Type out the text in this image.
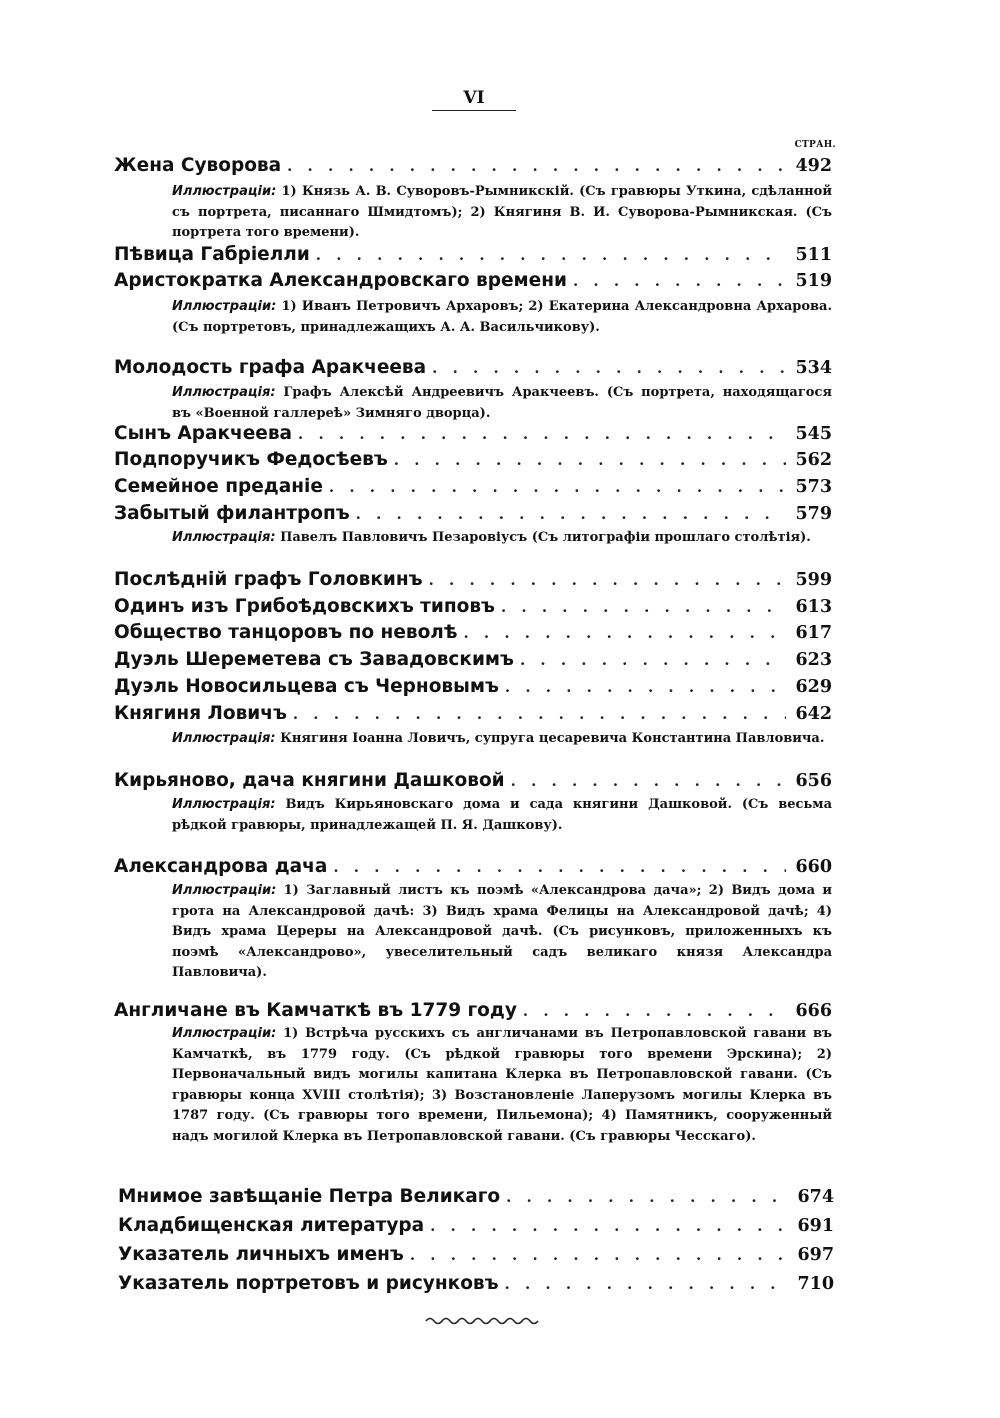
VI
СТРАН.
Жена Суворова . . .	492
Иллюстраціи: 1) Князь А. В. Суворовъ-Рымникскій. (Съ гравюры Уткина, сдѣланной съ портрета, писаннаго Шмидтомъ); 2) Княгиня В. И. Суворова-Рымникская. (Съ портрета того времени).
Пѣвица Габріелли . . .	511
Аристократка Александровскаго времени . . .	519
Иллюстраціи: 1) Иванъ Петровичъ Архаровъ; 2) Екатерина Александровна Архарова. (Съ портретовъ, принадлежащихъ А. А. Васильчикову).
Молодость графа Аракчеева . . .	534
Иллюстрація: Графъ Алексѣй Андреевичъ Аракчеевъ. (Съ портрета, находящагося въ «Военной галлереѣ» Зимняго дворца).
Сынъ Аракчеева . . .	545
Подпоручикъ Федосѣевъ . . .	562
Семейное преданіе . . .	573
Забытый филантропъ . . .	579
Иллюстрація: Павелъ Павловичъ Пезаровіусъ (Съ литографіи прошлаго столѣтія).
Послѣдній графъ Головкинъ . . .	599
Одинъ изъ Грибоѣдовскихъ типовъ . . .	613
Общество танцоровъ по неволѣ . . .	617
Дуэль Шереметева съ Завадовскимъ . . .	623
Дуэль Новосильцева съ Черновымъ . . .	629
Княгиня Ловичъ . . .	642
Иллюстрація: Княгиня Іоанна Ловичъ, супруга цесаревича Константина Павловича.
Кирьяново, дача княгини Дашковой . . .	656
Иллюстрація: Видъ Кирьяновскаго дома и сада княгини Дашковой. (Съ весьма рѣдкой гравюры, принадлежащей П. Я. Дашкову).
Александрова дача . . .	660
Иллюстраціи: 1) Заглавный листъ къ поэмѣ «Александрова дача»; 2) Видъ дома и грота на Александровой дачѣ: 3) Видъ храма Фелицы на Александровой дачѣ; 4) Видъ храма Цереры на Александровой дачѣ. (Съ рисунковъ, приложенныхъ къ поэмѣ «Александрово», увеселительный садъ великаго князя Александра Павловича).
Англичане въ Камчаткѣ въ 1779 году . . .	666
Иллюстраціи: 1) Встрѣча русскихъ съ англичанами въ Петропавловской гавани въ Камчаткѣ, въ 1779 году. (Съ рѣдкой гравюры того времени Эрскина); 2) Первоначальный видъ могилы капитана Клерка въ Петропавловской гавани. (Съ гравюры конца XVIII столѣтія); 3) Возстановленіе Лаперузомъ могилы Клерка въ 1787 году. (Съ гравюры того времени, Пильемона); 4) Памятникъ, сооруженный надъ могилой Клерка въ Петропавловской гавани. (Съ гравюры Чесскаго).
Мнимое завѣщаніе Петра Великаго . . .	674
Кладбищенская литература . . .	691
Указатель личныхъ именъ . . .	697
Указатель портретовъ и рисунковъ . . .	710
